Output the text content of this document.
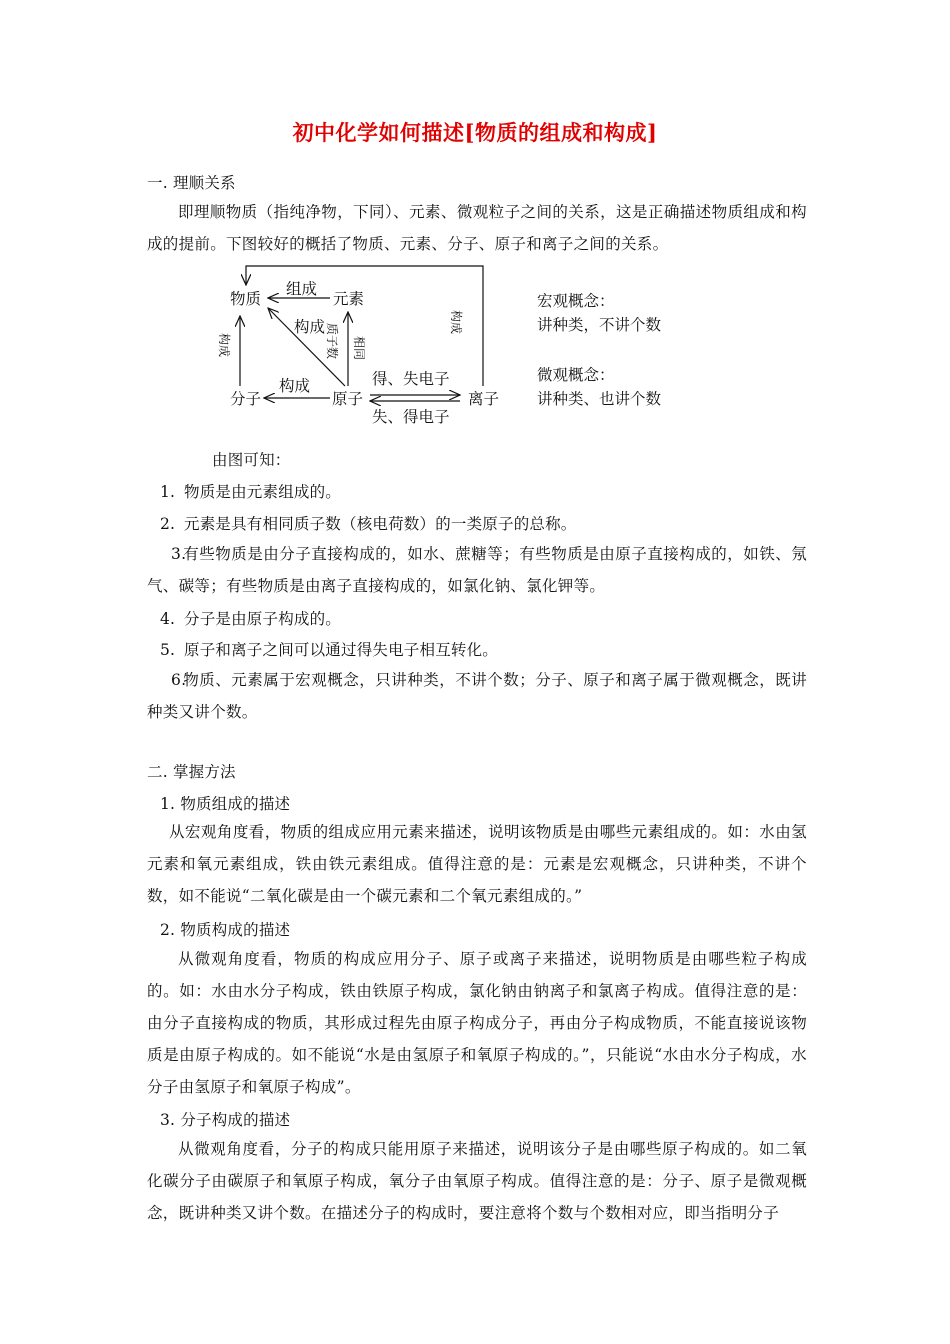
初中化学如何描述[物质的组成和构成]
一. 理顺关系
即理顺物质（指纯净物，下同）、元素、微观粒子之间的关系，这是正确描述物质组成和构成的提前。下图较好的概括了物质、元素、分子、原子和离子之间的关系。
物质	元素
分子	原子	离子
组成
构成
构成	得、失电子
失、得电子
构成
构成
质子数 相同
宏观概念：
讲种类，不讲个数
微观概念：
讲种类、也讲个数
由图可知：
1. 物质是由元素组成的。
2. 元素是具有相同质子数（核电荷数）的一类原子的总称。
3.有些物质是由分子直接构成的，如水、蔗糖等；有些物质是由原子直接构成的，如铁、氖气、碳等；有些物质是由离子直接构成的，如氯化钠、氯化钾等。
4. 分子是由原子构成的。
5. 原子和离子之间可以通过得失电子相互转化。
6.物质、元素属于宏观概念，只讲种类，不讲个数；分子、原子和离子属于微观概念，既讲种类又讲个数。
二. 掌握方法
1. 物质组成的描述
从宏观角度看，物质的组成应用元素来描述，说明该物质是由哪些元素组成的。如：水由氢元素和氧元素组成，铁由铁元素组成。值得注意的是：元素是宏观概念，只讲种类，不讲个数，如不能说“二氧化碳是由一个碳元素和二个氧元素组成的。”
2. 物质构成的描述
从微观角度看，物质的构成应用分子、原子或离子来描述，说明物质是由哪些粒子构成的。如：水由水分子构成，铁由铁原子构成，氯化钠由钠离子和氯离子构成。值得注意的是：由分子直接构成的物质，其形成过程先由原子构成分子，再由分子构成物质，不能直接说该物质是由原子构成的。如不能说“水是由氢原子和氧原子构成的。”，只能说“水由水分子构成，水分子由氢原子和氧原子构成”。
3. 分子构成的描述
从微观角度看，分子的构成只能用原子来描述，说明该分子是由哪些原子构成的。如二氧化碳分子由碳原子和氧原子构成，氧分子由氧原子构成。值得注意的是：分子、原子是微观概念，既讲种类又讲个数。在描述分子的构成时，要注意将个数与个数相对应，即当指明分子
